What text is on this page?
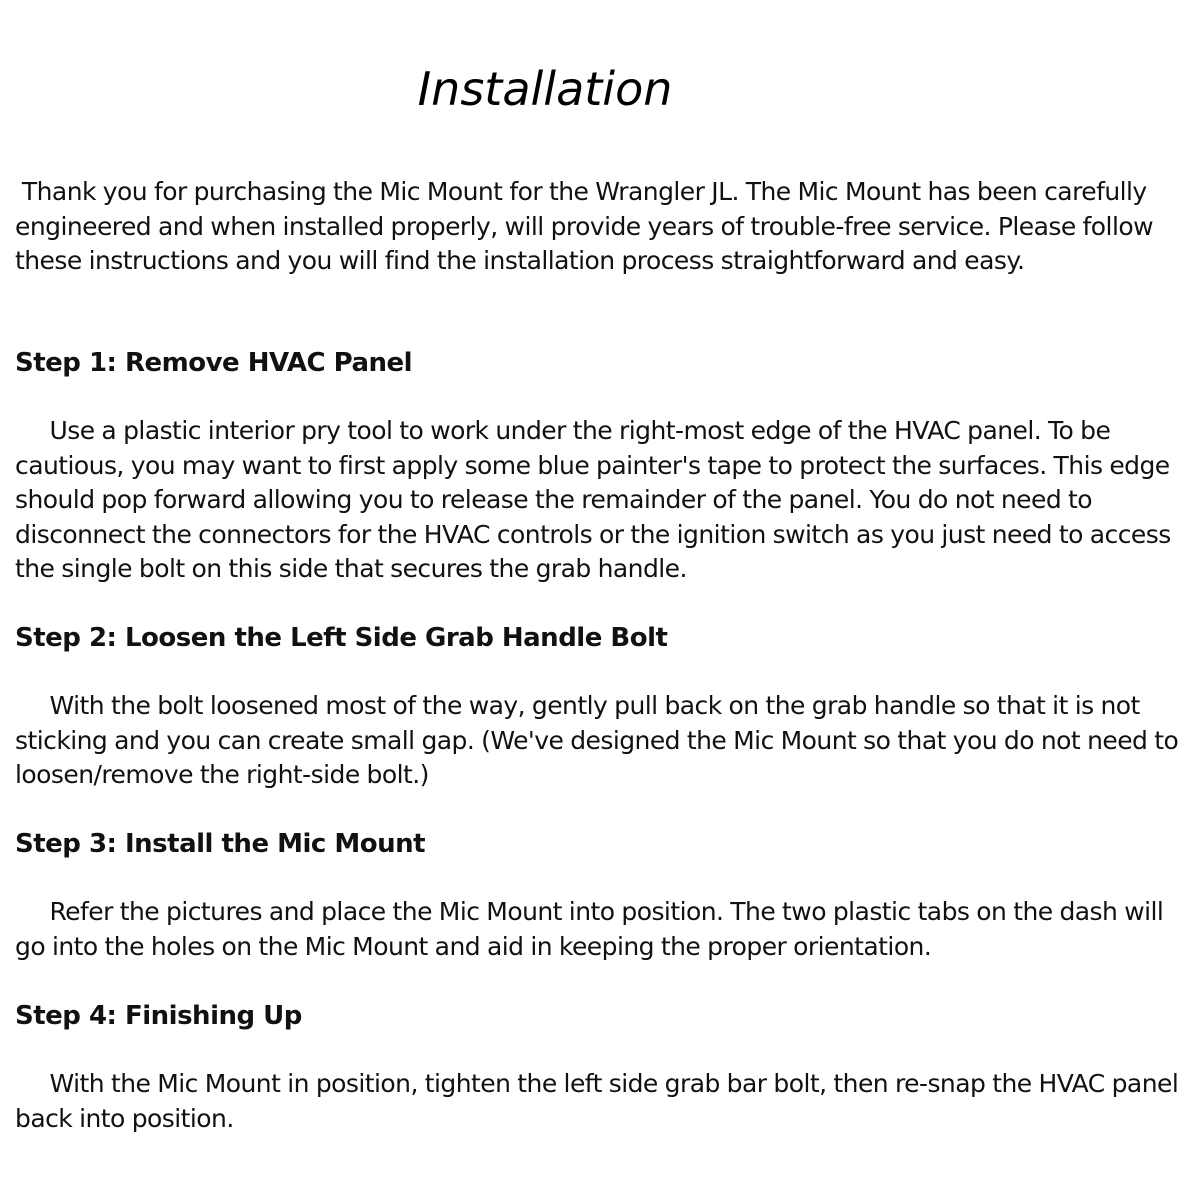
Installation

Thank you for purchasing the Mic Mount for the Wrangler JL. The Mic Mount has been carefully engineered and when installed properly, will provide years of trouble-free service. Please follow these instructions and you will find the installation process straightforward and easy.

Step 1: Remove HVAC Panel

Use a plastic interior pry tool to work under the right-most edge of the HVAC panel. To be cautious, you may want to first apply some blue painter's tape to protect the surfaces. This edge should pop forward allowing you to release the remainder of the panel. You do not need to disconnect the connectors for the HVAC controls or the ignition switch as you just need to access the single bolt on this side that secures the grab handle.

Step 2: Loosen the Left Side Grab Handle Bolt

With the bolt loosened most of the way, gently pull back on the grab handle so that it is not sticking and you can create small gap. (We've designed the Mic Mount so that you do not need to loosen/remove the right-side bolt.)

Step 3: Install the Mic Mount

Refer the pictures and place the Mic Mount into position. The two plastic tabs on the dash will go into the holes on the Mic Mount and aid in keeping the proper orientation.

Step 4: Finishing Up

With the Mic Mount in position, tighten the left side grab bar bolt, then re-snap the HVAC panel back into position.
